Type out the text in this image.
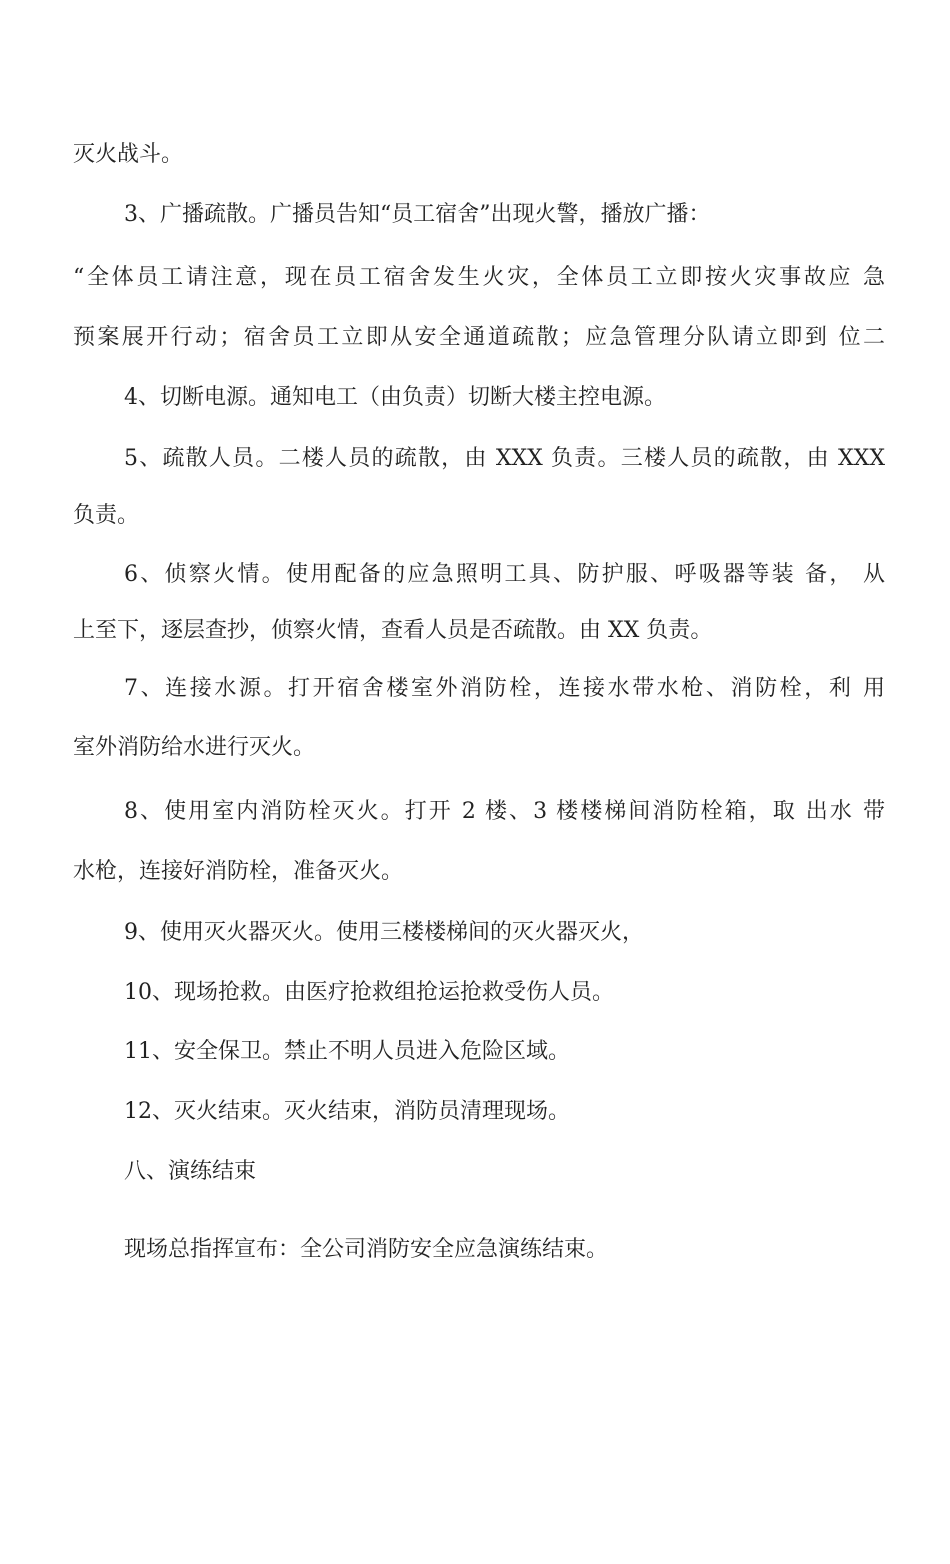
灭火战斗。
3、广播疏散。广播员告知“员工宿舍”出现火警，播放广播：
“全体员工请注意，现在员工宿舍发生火灾，全体员工立即按火灾事故应 急
预案展开行动；宿舍员工立即从安全通道疏散；应急管理分队请立即到 位二
4、切断电源。通知电工（由负责）切断大楼主控电源。
5、疏散人员。二楼人员的疏散，由 XXX 负责。三楼人员的疏散，由 XXX
负责。
6、侦察火情。使用配备的应急照明工具、防护服、呼吸器等装 备， 从
上至下，逐层查抄，侦察火情，查看人员是否疏散。由 XX 负责。
7、连接水源。打开宿舍楼室外消防栓，连接水带水枪、消防栓，利 用
室外消防给水进行灭火。
8、使用室内消防栓灭火。打开 2 楼、3 楼楼梯间消防栓箱，取 出水 带
水枪，连接好消防栓，准备灭火。
9、使用灭火器灭火。使用三楼楼梯间的灭火器灭火，
10、现场抢救。由医疗抢救组抢运抢救受伤人员。
11、安全保卫。禁止不明人员进入危险区域。
12、灭火结束。灭火结束，消防员清理现场。
八、演练结束
现场总指挥宣布：全公司消防安全应急演练结束。
